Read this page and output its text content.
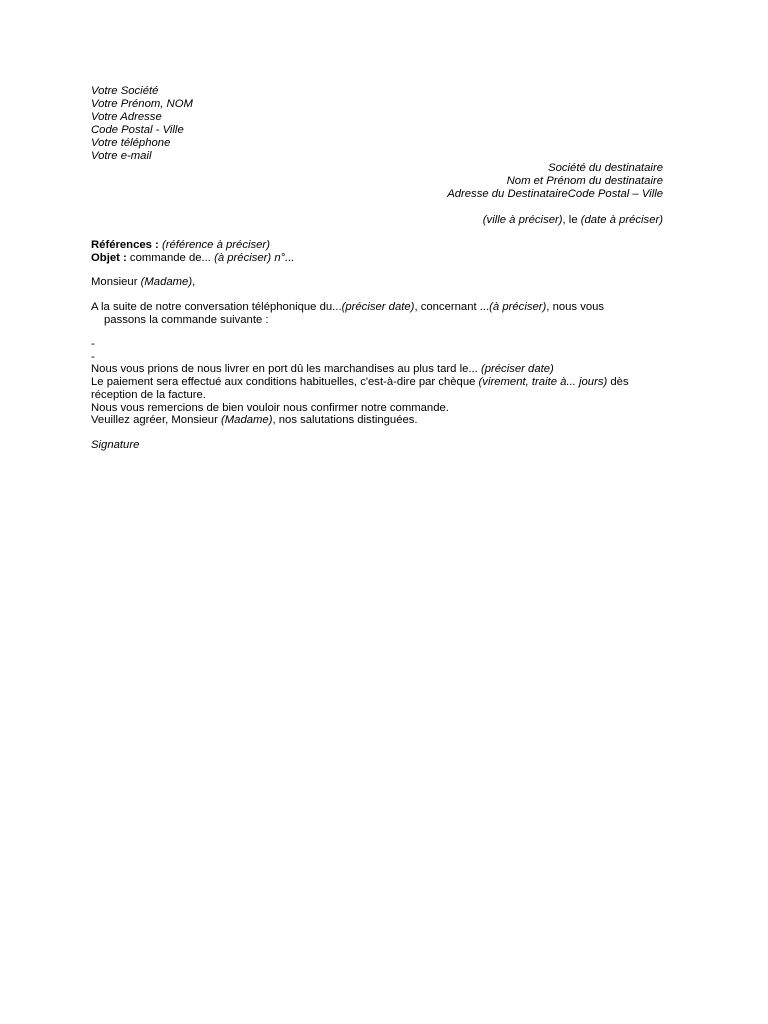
Votre Société
Votre Prénom, NOM
Votre Adresse
Code Postal - Ville
Votre téléphone
Votre e-mail
Société du destinataire
Nom et Prénom du destinataire
Adresse du DestinataireCode Postal – Ville
(ville à préciser), le (date à préciser)
Références : (référence à préciser)
Objet : commande de... (à préciser) n°...
Monsieur (Madame),
A la suite de notre conversation téléphonique du...(préciser date), concernant ...(à préciser), nous vous
passons la commande suivante :
-
-
Nous vous prions de nous livrer en port dû les marchandises au plus tard le... (préciser date)
Le paiement sera effectué aux conditions habituelles, c'est-à-dire par chèque (virement, traite à... jours) dès
réception de la facture.
Nous vous remercions de bien vouloir nous confirmer notre commande.
Veuillez agréer, Monsieur (Madame), nos salutations distinguées.
Signature
